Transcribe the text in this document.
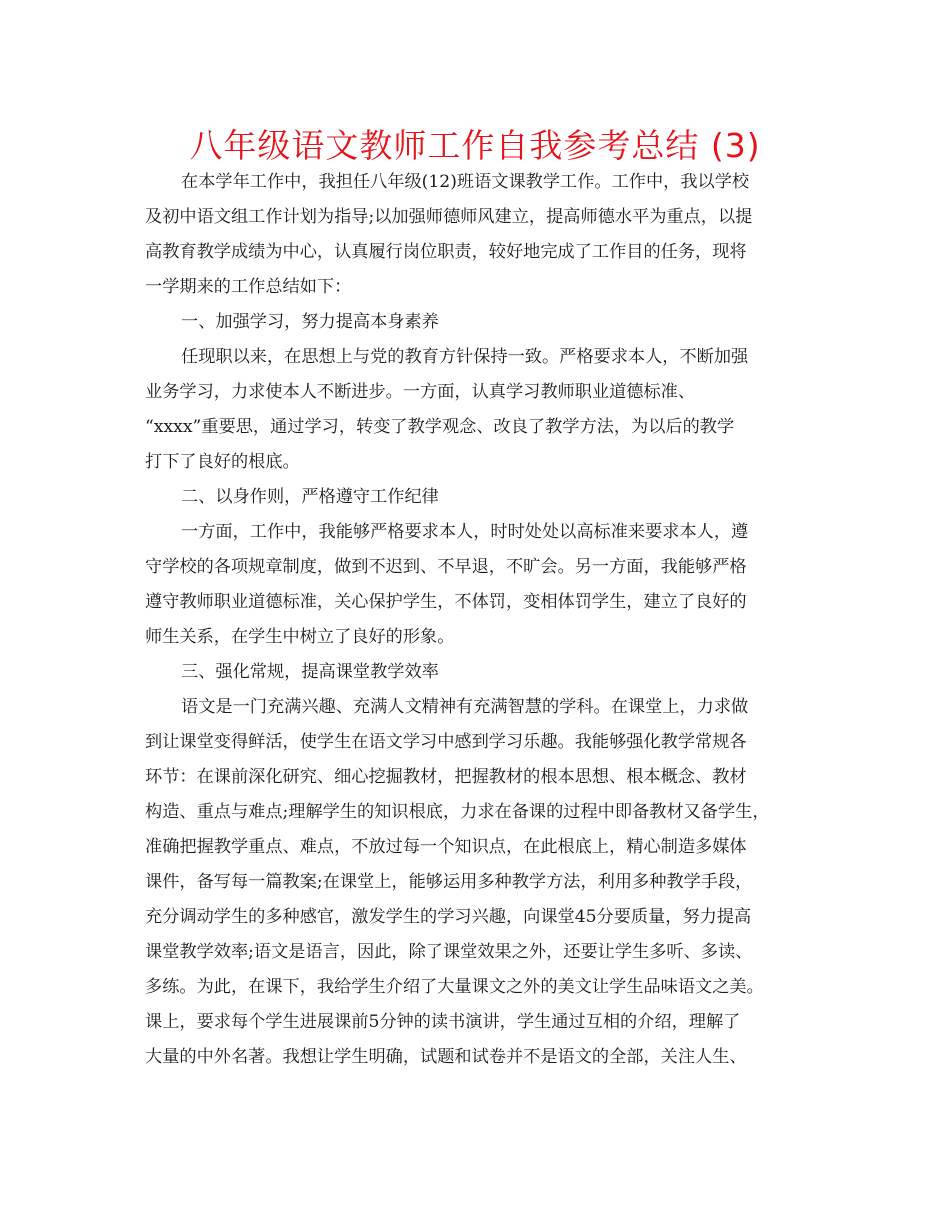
八年级语文教师工作自我参考总结 (3)
在本学年工作中，我担任八年级(12)班语文课教学工作。工作中，我以学校
及初中语文组工作计划为指导;以加强师德师风建立，提高师德水平为重点，以提
高教育教学成绩为中心，认真履行岗位职责，较好地完成了工作目的任务，现将
一学期来的工作总结如下：
一、加强学习，努力提高本身素养
任现职以来，在思想上与党的教育方针保持一致。严格要求本人，不断加强
业务学习，力求使本人不断进步。一方面，认真学习教师职业道德标准、
“xxxx”重要思，通过学习，转变了教学观念、改良了教学方法，为以后的教学
打下了良好的根底。
二、以身作则，严格遵守工作纪律
一方面，工作中，我能够严格要求本人，时时处处以高标准来要求本人，遵
守学校的各项规章制度，做到不迟到、不早退，不旷会。另一方面，我能够严格
遵守教师职业道德标准，关心保护学生，不体罚，变相体罚学生，建立了良好的
师生关系，在学生中树立了良好的形象。
三、强化常规，提高课堂教学效率
语文是一门充满兴趣、充满人文精神有充满智慧的学科。在课堂上，力求做
到让课堂变得鲜活，使学生在语文学习中感到学习乐趣。我能够强化教学常规各
环节：在课前深化研究、细心挖掘教材，把握教材的根本思想、根本概念、教材
构造、重点与难点;理解学生的知识根底，力求在备课的过程中即备教材又备学生，
准确把握教学重点、难点，不放过每一个知识点，在此根底上，精心制造多媒体
课件，备写每一篇教案;在课堂上，能够运用多种教学方法，利用多种教学手段，
充分调动学生的多种感官，激发学生的学习兴趣，向课堂45分要质量，努力提高
课堂教学效率;语文是语言，因此，除了课堂效果之外，还要让学生多听、多读、
多练。为此，在课下，我给学生介绍了大量课文之外的美文让学生品味语文之美。
课上，要求每个学生进展课前5分钟的读书演讲，学生通过互相的介绍，理解了
大量的中外名著。我想让学生明确，试题和试卷并不是语文的全部，关注人生、
